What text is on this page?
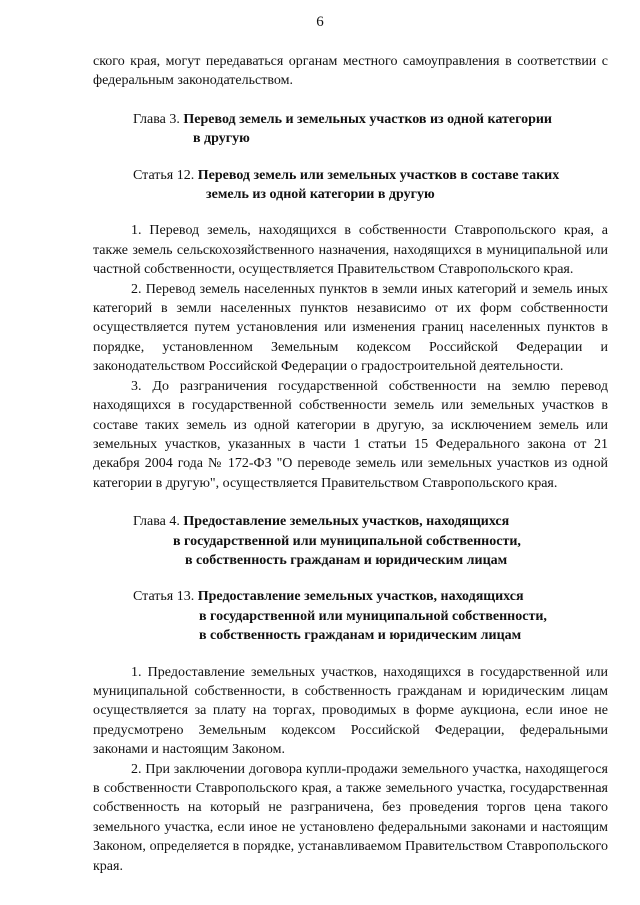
6

ского края, могут передаваться органам местного самоуправления в соответствии с федеральным законодательством.

Глава 3. Перевод земель и земельных участков из одной категории
в другую
Статья 12. Перевод земель или земельных участков в составе таких
земель из одной категории в другую

1. Перевод земель, находящихся в собственности Ставропольского края, а также земель сельскохозяйственного назначения, находящихся в муниципальной или частной собственности, осуществляется Правительством Ставропольского края.

2. Перевод земель населенных пунктов в земли иных категорий и земель иных категорий в земли населенных пунктов независимо от их форм собственности осуществляется путем установления или изменения границ населенных пунктов в порядке, установленном Земельным кодексом Российской Федерации и законодательством Российской Федерации о градостроительной деятельности.

3. До разграничения государственной собственности на землю перевод находящихся в государственной собственности земель или земельных участков в составе таких земель из одной категории в другую, за исключением земель или земельных участков, указанных в части 1 статьи 15 Федерального закона от 21 декабря 2004 года № 172-ФЗ "О переводе земель или земельных участков из одной категории в другую", осуществляется Правительством Ставропольского края.

Глава 4. Предоставление земельных участков, находящихся
в государственной или муниципальной собственности,
в собственность гражданам и юридическим лицам
Статья 13. Предоставление земельных участков, находящихся
в государственной или муниципальной собственности,
в собственность гражданам и юридическим лицам

1. Предоставление земельных участков, находящихся в государственной или муниципальной собственности, в собственность гражданам и юридическим лицам осуществляется за плату на торгах, проводимых в форме аукциона, если иное не предусмотрено Земельным кодексом Российской Федерации, федеральными законами и настоящим Законом.

2. При заключении договора купли-продажи земельного участка, находящегося в собственности Ставропольского края, а также земельного участка, государственная собственность на который не разграничена, без проведения торгов цена такого земельного участка, если иное не установлено федеральными законами и настоящим Законом, определяется в порядке, устанавливаемом Правительством Ставропольского края.
